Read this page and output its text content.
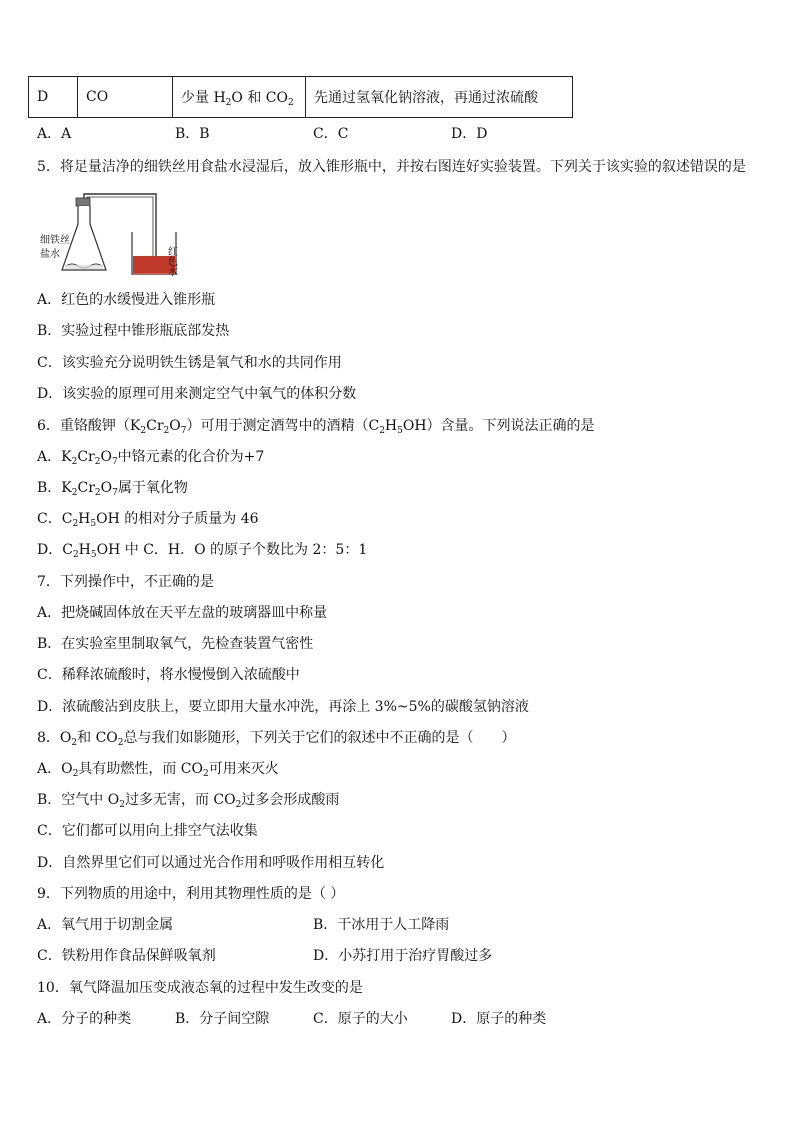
D	CO	少量 $H_2O$ 和 $CO_2$	先通过氢氧化钠溶液，再通过浓硫酸
A．A	B．B	C．C	D．D
5．将足量洁净的细铁丝用食盐水浸湿后，放入锥形瓶中，并按右图连好实验装置。下列关于该实验的叙述错误的是
细铁丝
盐水	红
色
水
A．红色的水缓慢进入锥形瓶
B．实验过程中锥形瓶底部发热
C．该实验充分说明铁生锈是氧气和水的共同作用
D．该实验的原理可用来测定空气中氧气的体积分数
6．重铬酸钾$(K_2Cr_2O_7)$可用于测定酒驾中的酒精$(C_2H_5OH)$含量。下列说法正确的是
A．$K_2Cr_2O_7$中铬元素的化合价为+7
B．$K_2Cr_2O_7$属于氧化物
C．$C_2H_5OH$ 的相对分子质量为 46
D．$C_2H_5OH$ 中 C．H．O 的原子个数比为 2：5：1
7．下列操作中，不正确的是
A．把烧碱固体放在天平左盘的玻璃器皿中称量
B．在实验室里制取氧气，先检查装置气密性
C．稀释浓硫酸时，将水慢慢倒入浓硫酸中
D．浓硫酸沾到皮肤上，要立即用大量水冲洗，再涂上 3%~5%的碳酸氢钠溶液
8．$O_2$和 $CO_2$总与我们如影随形，下列关于它们的叙述中不正确的是（　　）
A．$O_2$具有助燃性，而 $CO_2$可用来灭火
B．空气中 $O_2$过多无害，而 $CO_2$过多会形成酸雨
C．它们都可以用向上排空气法收集
D．自然界里它们可以通过光合作用和呼吸作用相互转化
9．下列物质的用途中，利用其物理性质的是（ ）
A．氧气用于切割金属	B．干冰用于人工降雨
C．铁粉用作食品保鲜吸氧剂	D．小苏打用于治疗胃酸过多
10．氧气降温加压变成液态氧的过程中发生改变的是
A．分子的种类	B．分子间空隙	C．原子的大小	D．原子的种类
